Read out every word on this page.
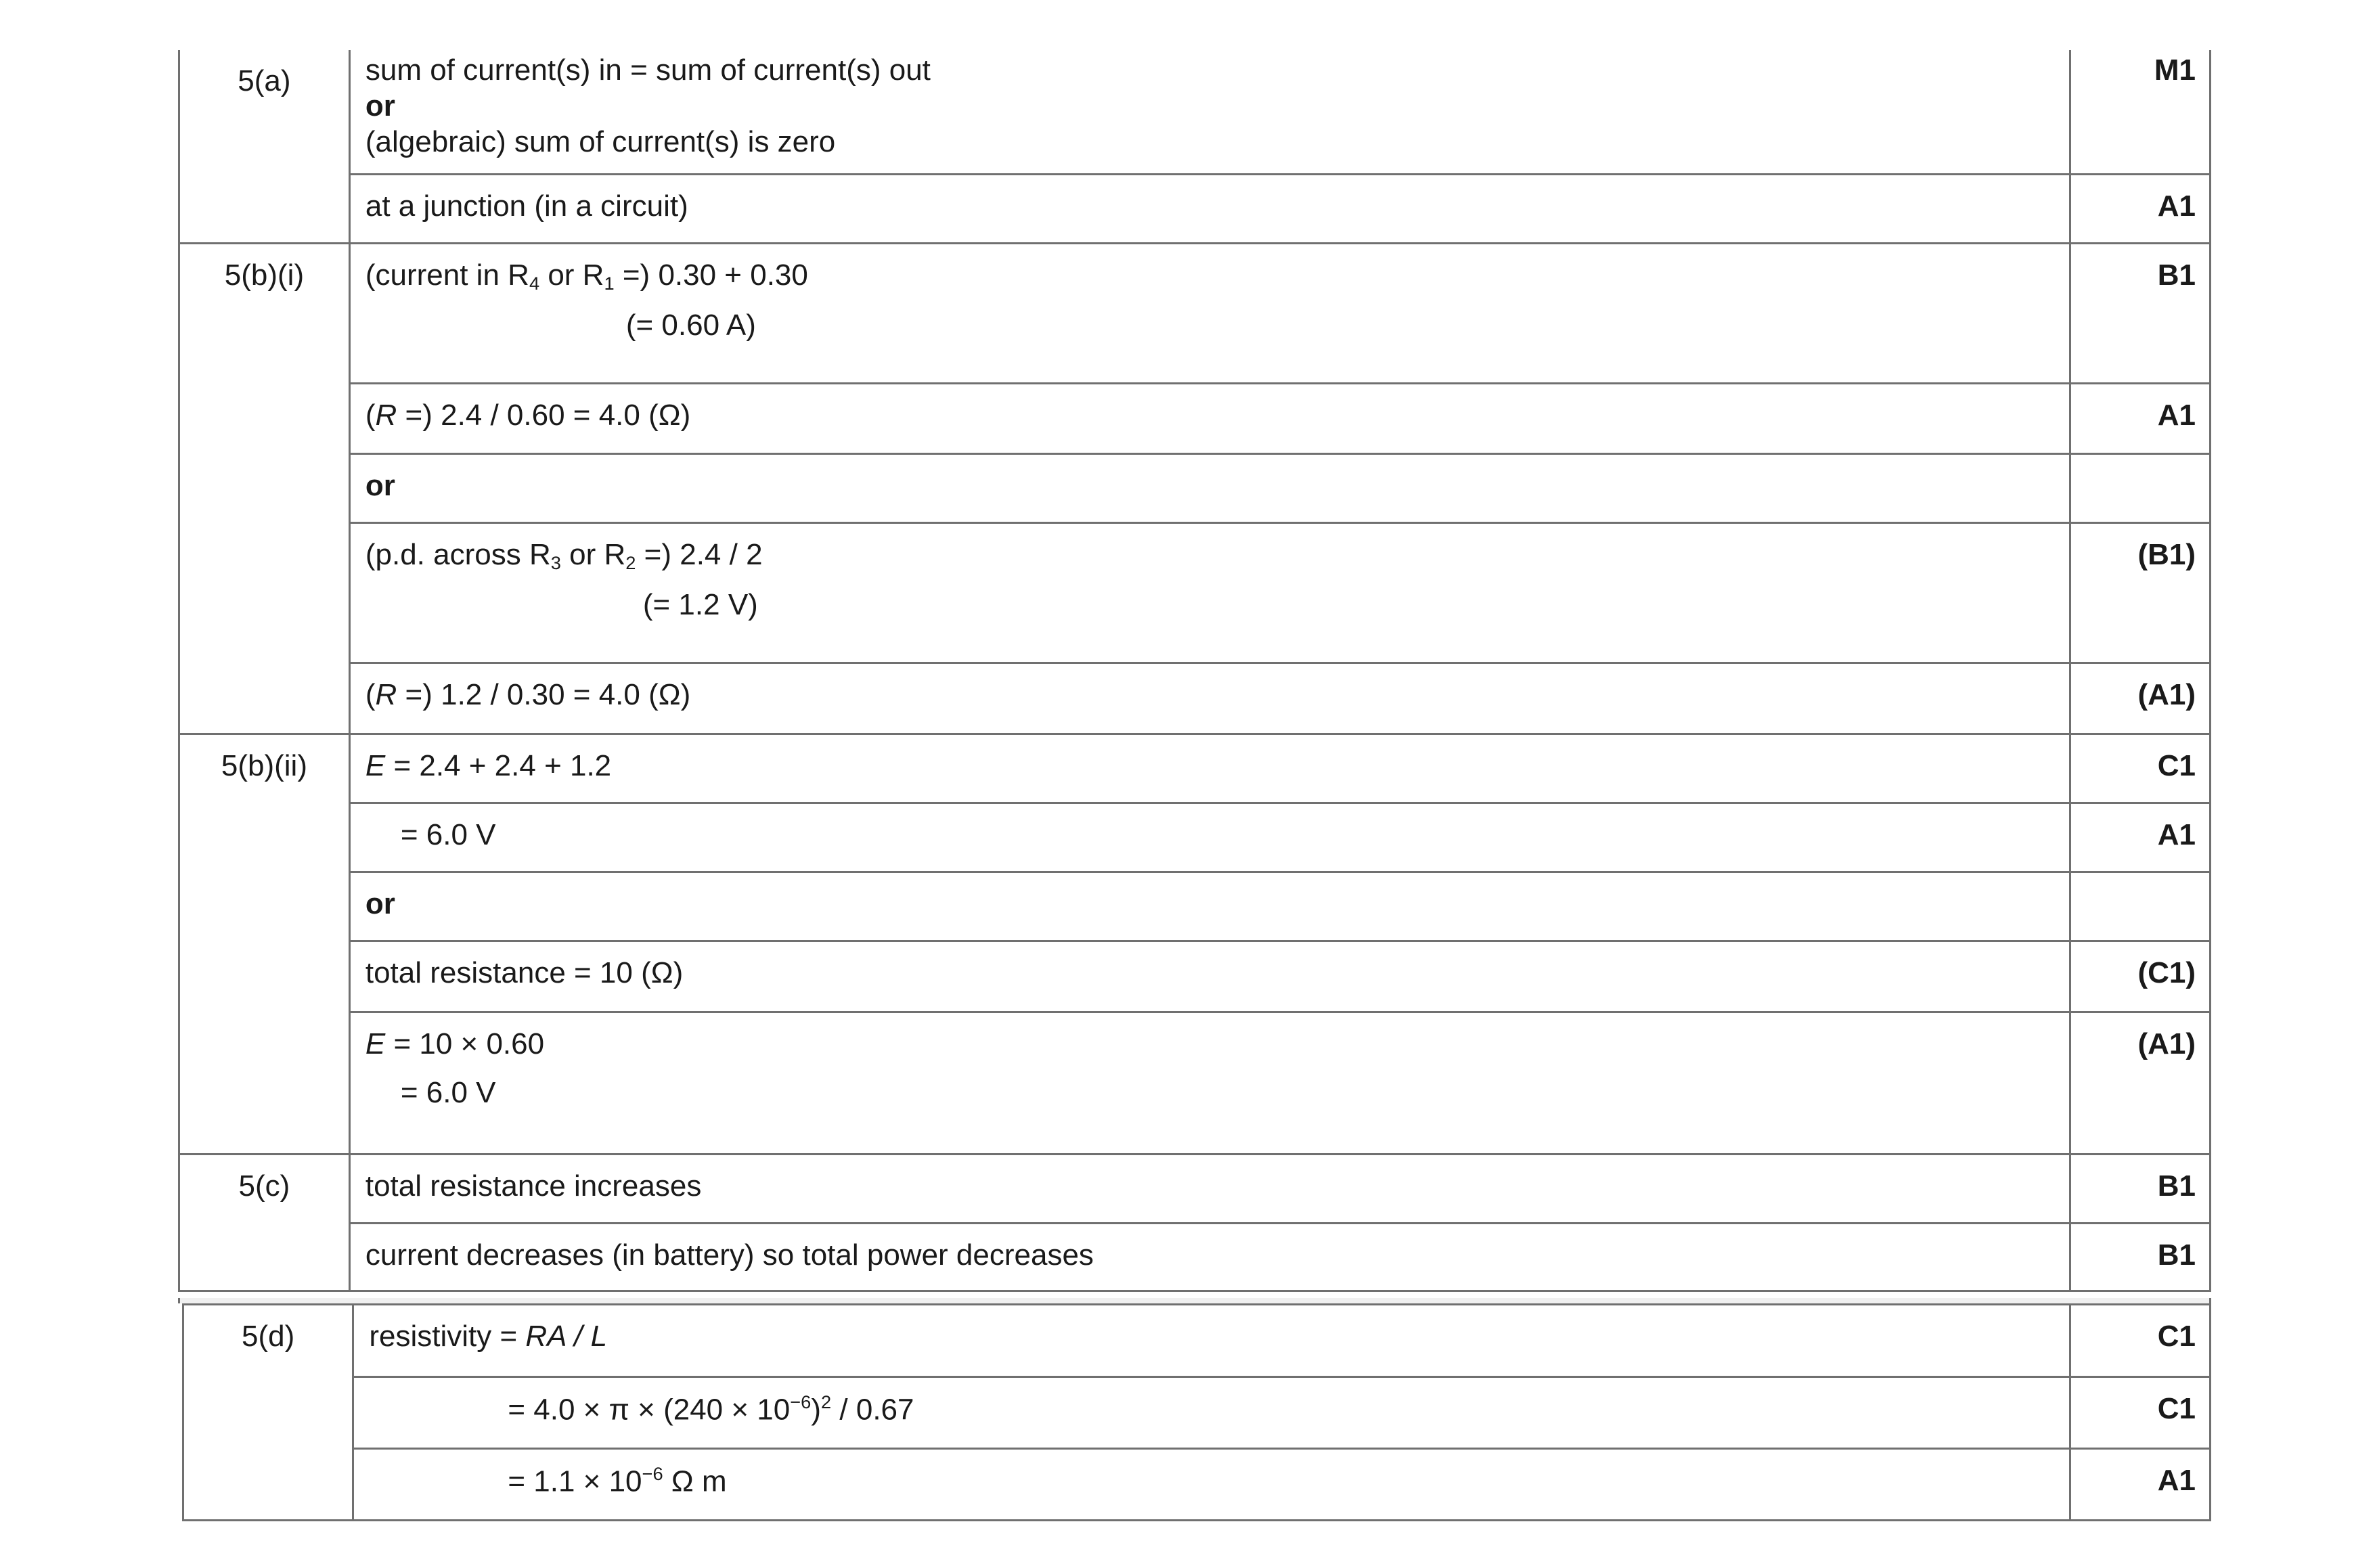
5(a)	sum of current(s) in = sum of current(s) out
or
(algebraic) sum of current(s) is zero	M1

	at a junction (in a circuit)	A1

5(b)(i)	(current in $R_4$ or $R_1$ =) 0.30 + 0.30
(= 0.60 A)	B1

	(R =) 2.4 / 0.60 = 4.0 (Ω)	A1

	or	

	(p.d. across $R_3$ or $R_2$ =) 2.4 / 2
(= 1.2 V)	(B1)

	(R =) 1.2 / 0.30 = 4.0 (Ω)	(A1)

5(b)(ii)	E = 2.4 + 2.4 + 1.2	C1

	= 6.0 V	A1

	or	

	total resistance = 10 (Ω)	(C1)

	E = 10 × 0.60
= 6.0 V	(A1)

5(c)	total resistance increases	B1

	current decreases (in battery) so total power decreases	B1
5(d)	resistivity = RA / L	C1

	= $4.0 \times \pi \times (240 \times 10^{-6})^2 / 0.67$	C1

	= $1.1 \times 10^{-6}$ Ω m	A1
